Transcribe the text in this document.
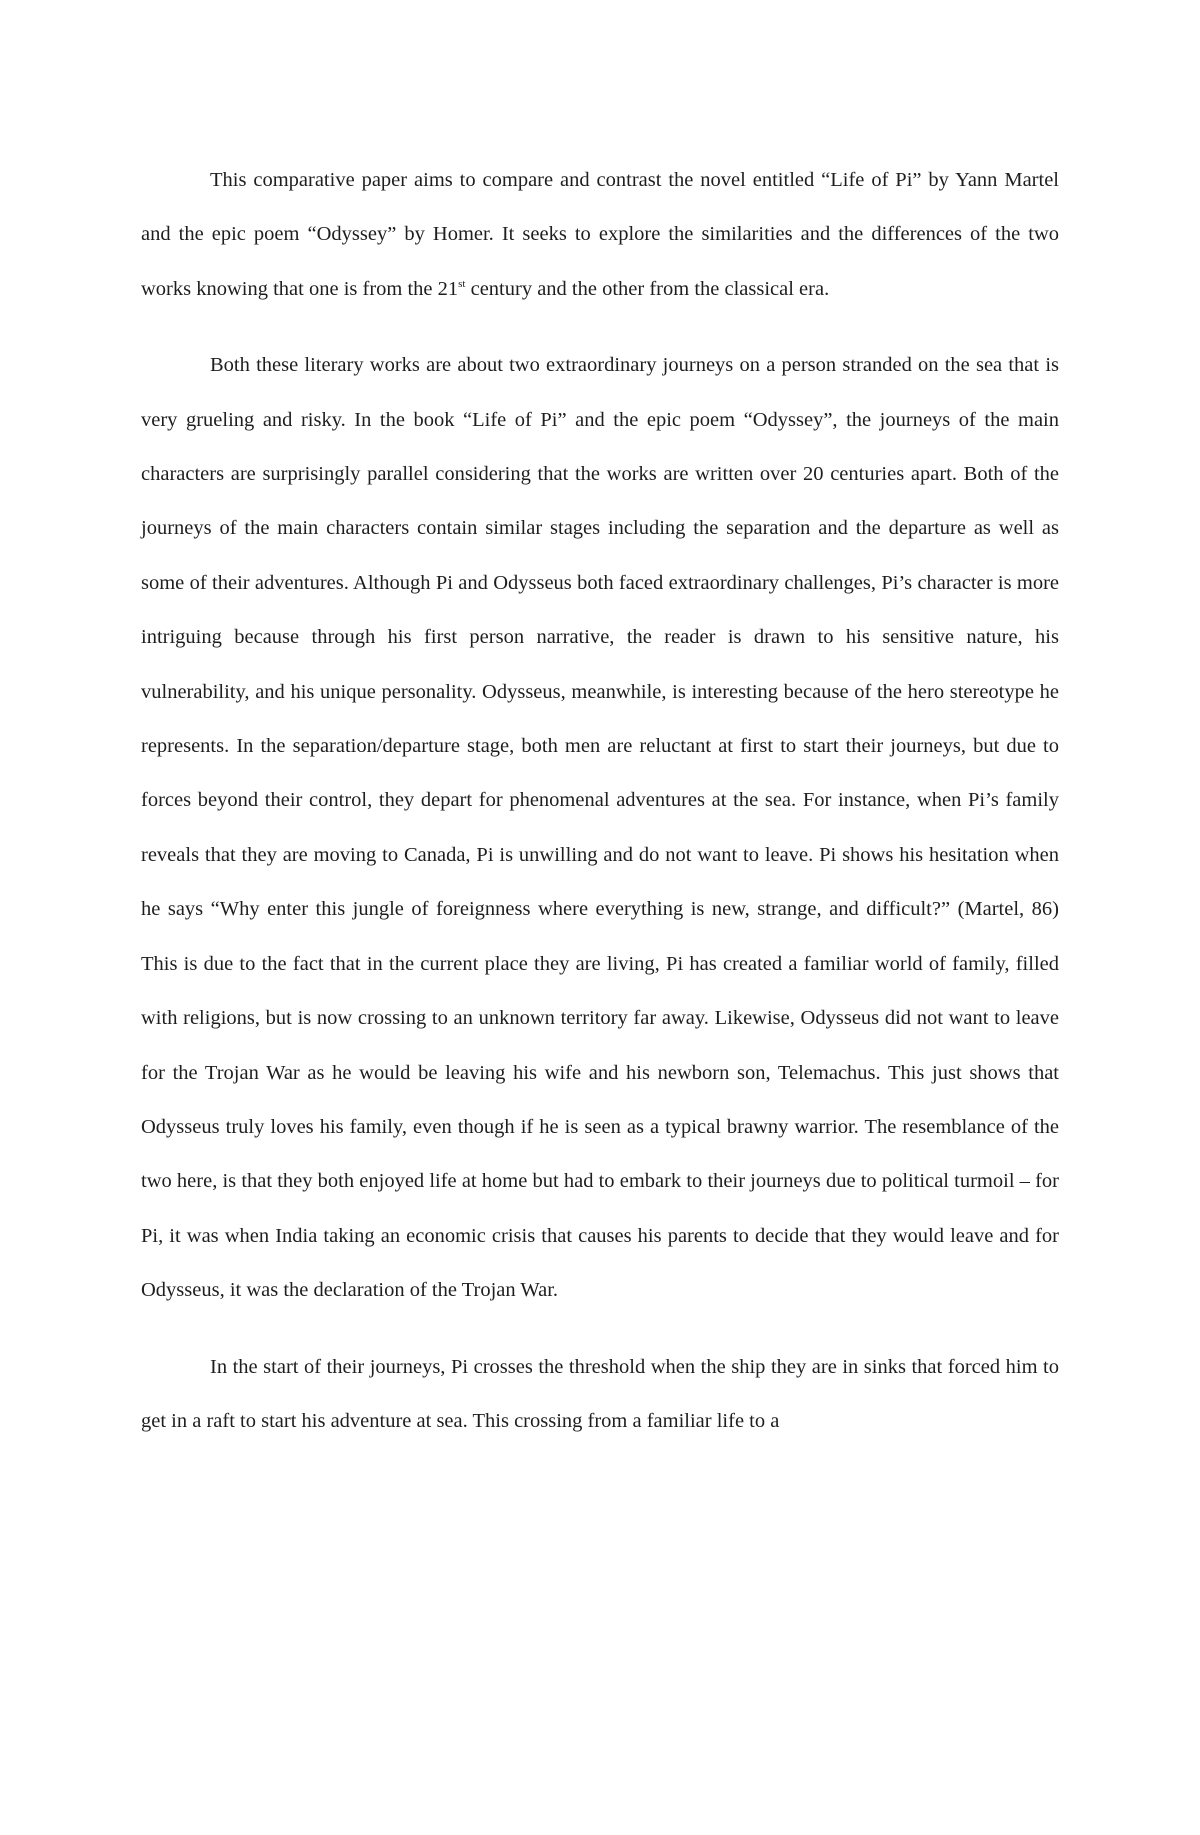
This comparative paper aims to compare and contrast the novel entitled “Life of Pi” by Yann Martel and the epic poem “Odyssey” by Homer. It seeks to explore the similarities and the differences of the two works knowing that one is from the 21st century and the other from the classical era.

Both these literary works are about two extraordinary journeys on a person stranded on the sea that is very grueling and risky. In the book “Life of Pi” and the epic poem “Odyssey”, the journeys of the main characters are surprisingly parallel considering that the works are written over 20 centuries apart. Both of the journeys of the main characters contain similar stages including the separation and the departure as well as some of their adventures. Although Pi and Odysseus both faced extraordinary challenges, Pi’s character is more intriguing because through his first person narrative, the reader is drawn to his sensitive nature, his vulnerability, and his unique personality. Odysseus, meanwhile, is interesting because of the hero stereotype he represents. In the separation/departure stage, both men are reluctant at first to start their journeys, but due to forces beyond their control, they depart for phenomenal adventures at the sea. For instance, when Pi’s family reveals that they are moving to Canada, Pi is unwilling and do not want to leave. Pi shows his hesitation when he says “Why enter this jungle of foreignness where everything is new, strange, and difficult?” (Martel, 86) This is due to the fact that in the current place they are living, Pi has created a familiar world of family, filled with religions, but is now crossing to an unknown territory far away. Likewise, Odysseus did not want to leave for the Trojan War as he would be leaving his wife and his newborn son, Telemachus. This just shows that Odysseus truly loves his family, even though if he is seen as a typical brawny warrior. The resemblance of the two here, is that they both enjoyed life at home but had to embark to their journeys due to political turmoil – for Pi, it was when India taking an economic crisis that causes his parents to decide that they would leave and for Odysseus, it was the declaration of the Trojan War.

In the start of their journeys, Pi crosses the threshold when the ship they are in sinks that forced him to get in a raft to start his adventure at sea. This crossing from a familiar life to a
